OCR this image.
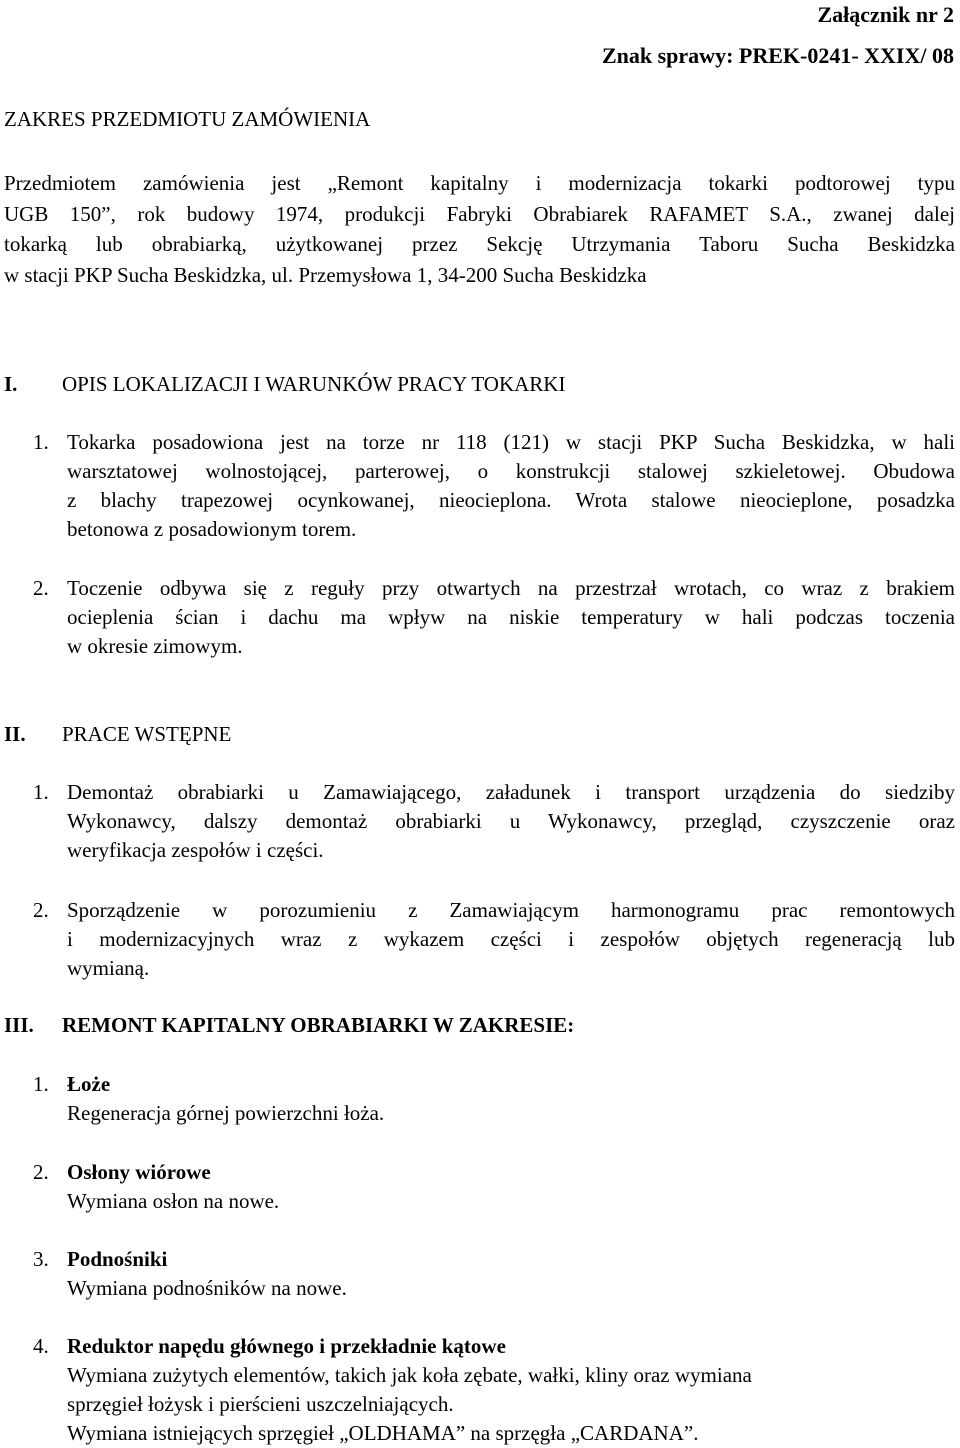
Załącznik nr 2

Znak sprawy: PREK-0241- XXIX/ 08

ZAKRES PRZEDMIOTU ZAMÓWIENIA

Przedmiotem zamówienia jest „Remont kapitalny i modernizacja tokarki podtorowej typu
UGB 150”, rok budowy 1974, produkcji Fabryki Obrabiarek RAFAMET S.A., zwanej dalej
tokarką lub obrabiarką, użytkowanej przez Sekcję Utrzymania Taboru Sucha Beskidzka
w stacji PKP Sucha Beskidzka, ul. Przemysłowa 1, 34-200 Sucha Beskidzka

I. OPIS LOKALIZACJI I WARUNKÓW PRACY TOKARKI

1. Tokarka posadowiona jest na torze nr 118 (121) w stacji PKP Sucha Beskidzka, w hali
warsztatowej wolnostojącej, parterowej, o konstrukcji stalowej szkieletowej. Obudowa
z blachy trapezowej ocynkowanej, nieocieplona. Wrota stalowe nieocieplone, posadzka
betonowa z posadowionym torem.
2. Toczenie odbywa się z reguły przy otwartych na przestrzał wrotach, co wraz z brakiem
ocieplenia ścian i dachu ma wpływ na niskie temperatury w hali podczas toczenia
w okresie zimowym.

II. PRACE WSTĘPNE

1. Demontaż obrabiarki u Zamawiającego, załadunek i transport urządzenia do siedziby
Wykonawcy, dalszy demontaż obrabiarki u Wykonawcy, przegląd, czyszczenie oraz
weryfikacja zespołów i części.
2. Sporządzenie w porozumieniu z Zamawiającym harmonogramu prac remontowych
i modernizacyjnych wraz z wykazem części i zespołów objętych regeneracją lub
wymianą.

III. REMONT KAPITALNY OBRABIARKI W ZAKRESIE:

1. Łoże
Regeneracja górnej powierzchni łoża.
2. Osłony wiórowe
Wymiana osłon na nowe.
3. Podnośniki
Wymiana podnośników na nowe.
4. Reduktor napędu głównego i przekładnie kątowe
Wymiana zużytych elementów, takich jak koła zębate, wałki, kliny oraz wymiana
sprzęgieł łożysk i pierścieni uszczelniających.
Wymiana istniejących sprzęgieł „OLDHAMA” na sprzęgła „CARDANA”.
